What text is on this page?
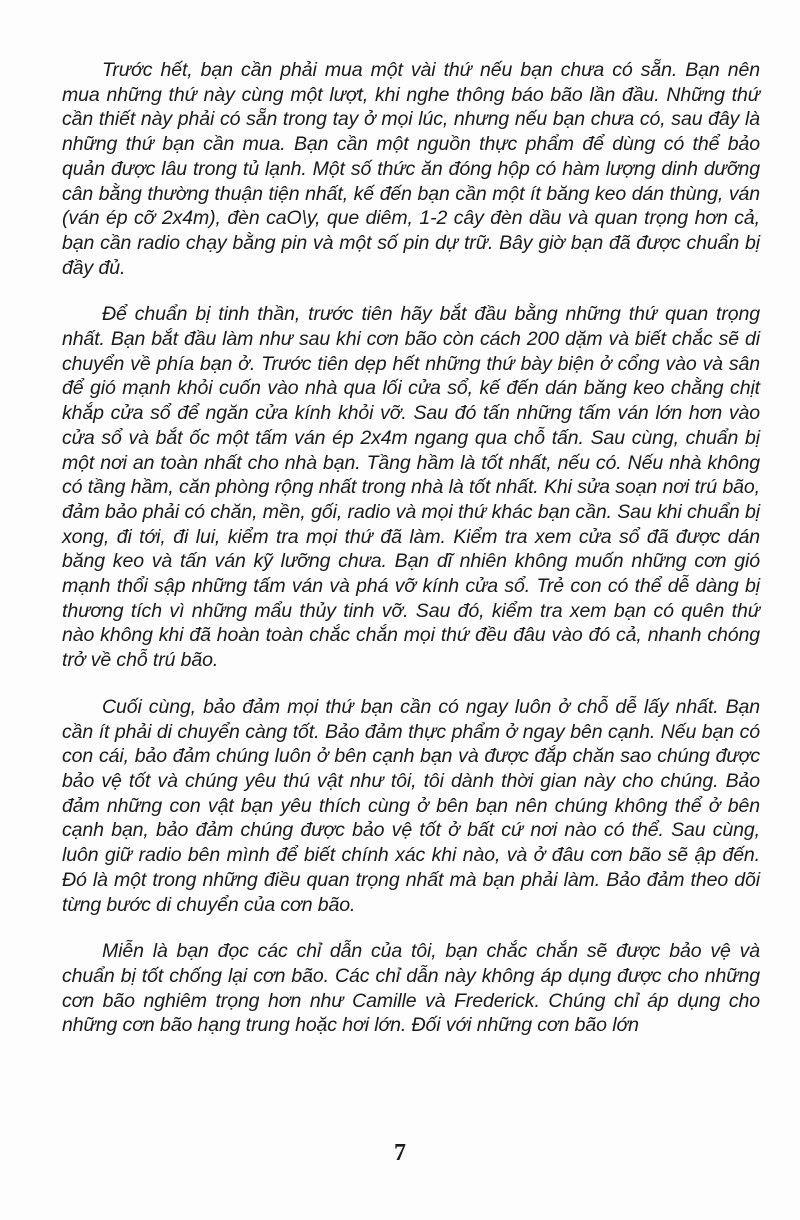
Trước hết, bạn cần phải mua một vài thứ nếu bạn chưa có sẵn. Bạn nên mua những thứ này cùng một lượt, khi nghe thông báo bão lần đầu. Những thứ cần thiết này phải có sẵn trong tay ở mọi lúc, nhưng nếu bạn chưa có, sau đây là những thứ bạn cần mua. Bạn cần một nguồn thực phẩm để dùng có thể bảo quản được lâu trong tủ lạnh. Một số thức ăn đóng hộp có hàm lượng dinh dưỡng cân bằng thường thuận tiện nhất, kế đến bạn cần một ít băng keo dán thùng, ván (ván ép cỡ 2x4m), đèn caO\y, que diêm, 1-2 cây đèn dầu và quan trọng hơn cả, bạn cần radio chạy bằng pin và một số pin dự trữ. Bây giờ bạn đã được chuẩn bị đầy đủ.

Để chuẩn bị tinh thần, trước tiên hãy bắt đầu bằng những thứ quan trọng nhất. Bạn bắt đầu làm như sau khi cơn bão còn cách 200 dặm và biết chắc sẽ di chuyển về phía bạn ở. Trước tiên dẹp hết những thứ bày biện ở cổng vào và sân để gió mạnh khỏi cuốn vào nhà qua lối cửa sổ, kế đến dán băng keo chằng chịt khắp cửa sổ để ngăn cửa kính khỏi vỡ. Sau đó tấn những tấm ván lớn hơn vào cửa sổ và bắt ốc một tấm ván ép 2x4m ngang qua chỗ tấn. Sau cùng, chuẩn bị một nơi an toàn nhất cho nhà bạn. Tầng hầm là tốt nhất, nếu có. Nếu nhà không có tầng hầm, căn phòng rộng nhất trong nhà là tốt nhất. Khi sửa soạn nơi trú bão, đảm bảo phải có chăn, mền, gối, radio và mọi thứ khác bạn cần. Sau khi chuẩn bị xong, đi tới, đi lui, kiểm tra mọi thứ đã làm. Kiểm tra xem cửa sổ đã được dán băng keo và tấn ván kỹ lưỡng chưa. Bạn dĩ nhiên không muốn những cơn gió mạnh thổi sập những tấm ván và phá vỡ kính cửa sổ. Trẻ con có thể dễ dàng bị thương tích vì những mẩu thủy tinh vỡ. Sau đó, kiểm tra xem bạn có quên thứ nào không khi đã hoàn toàn chắc chắn mọi thứ đều đâu vào đó cả, nhanh chóng trở về chỗ trú bão.

Cuối cùng, bảo đảm mọi thứ bạn cần có ngay luôn ở chỗ dễ lấy nhất. Bạn cần ít phải di chuyển càng tốt. Bảo đảm thực phẩm ở ngay bên cạnh. Nếu bạn có con cái, bảo đảm chúng luôn ở bên cạnh bạn và được đắp chăn sao chúng được bảo vệ tốt và chúng yêu thú vật như tôi, tôi dành thời gian này cho chúng. Bảo đảm những con vật bạn yêu thích cùng ở bên bạn nên chúng không thể ở bên cạnh bạn, bảo đảm chúng được bảo vệ tốt ở bất cứ nơi nào có thể. Sau cùng, luôn giữ radio bên mình để biết chính xác khi nào, và ở đâu cơn bão sẽ ập đến. Đó là một trong những điều quan trọng nhất mà bạn phải làm. Bảo đảm theo dõi từng bước di chuyển của cơn bão.

Miễn là bạn đọc các chỉ dẫn của tôi, bạn chắc chắn sẽ được bảo vệ và chuẩn bị tốt chống lại cơn bão. Các chỉ dẫn này không áp dụng được cho những cơn bão nghiêm trọng hơn như Camille và Frederick. Chúng chỉ áp dụng cho những cơn bão hạng trung hoặc hơi lớn. Đối với những cơn bão lớn

7
